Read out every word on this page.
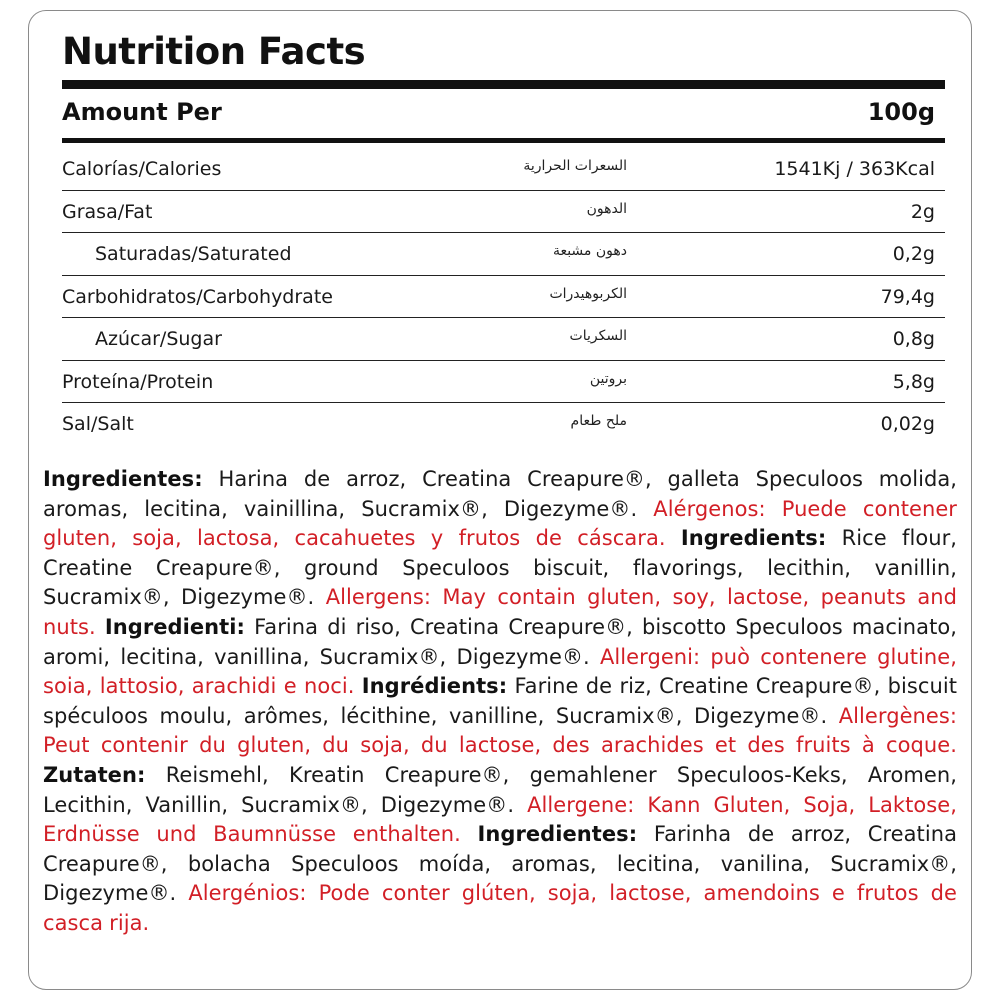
Nutrition Facts
Amount Per	100g
Calorías/Calories	السعرات الحرارية	1541Kj / 363Kcal
Grasa/Fat	الدهون	2g
Saturadas/Saturated	دهون مشبعة	0,2g
Carbohidratos/Carbohydrate	الكربوهيدرات	79,4g
Azúcar/Sugar	السكريات	0,8g
Proteína/Protein	بروتين	5,8g
Sal/Salt	ملح طعام	0,02g
Ingredientes: Harina de arroz, Creatina Creapure®, galleta Speculoos molida, aromas, lecitina, vainillina, Sucramix®, Digezyme®. Alérgenos: Puede contener gluten, soja, lactosa, cacahuetes y frutos de cáscara. Ingredients: Rice flour, Creatine Creapure®, ground Speculoos biscuit, flavorings, lecithin, vanillin, Sucramix®, Digezyme®. Allergens: May contain gluten, soy, lactose, peanuts and nuts. Ingredienti: Farina di riso, Creatina Creapure®, biscotto Speculoos macinato, aromi, lecitina, vanillina, Sucramix®, Digezyme®. Allergeni: può contenere glutine, soia, lattosio, arachidi e noci. Ingrédients: Farine de riz, Creatine Creapure®, biscuit spéculoos moulu, arômes, lécithine, vanilline, Sucramix®, Digezyme®. Allergènes: Peut contenir du gluten, du soja, du lactose, des arachides et des fruits à coque. Zutaten: Reismehl, Kreatin Creapure®, gemahlener Speculoos-Keks, Aromen, Lecithin, Vanillin, Sucramix®, Digezyme®. Allergene: Kann Gluten, Soja, Laktose, Erdnüsse und Baumnüsse enthalten. Ingredientes: Farinha de arroz, Creatina Creapure®, bolacha Speculoos moída, aromas, lecitina, vanilina, Sucramix®, Digezyme®. Alergénios: Pode conter glúten, soja, lactose, amendoins e frutos de casca rija.
